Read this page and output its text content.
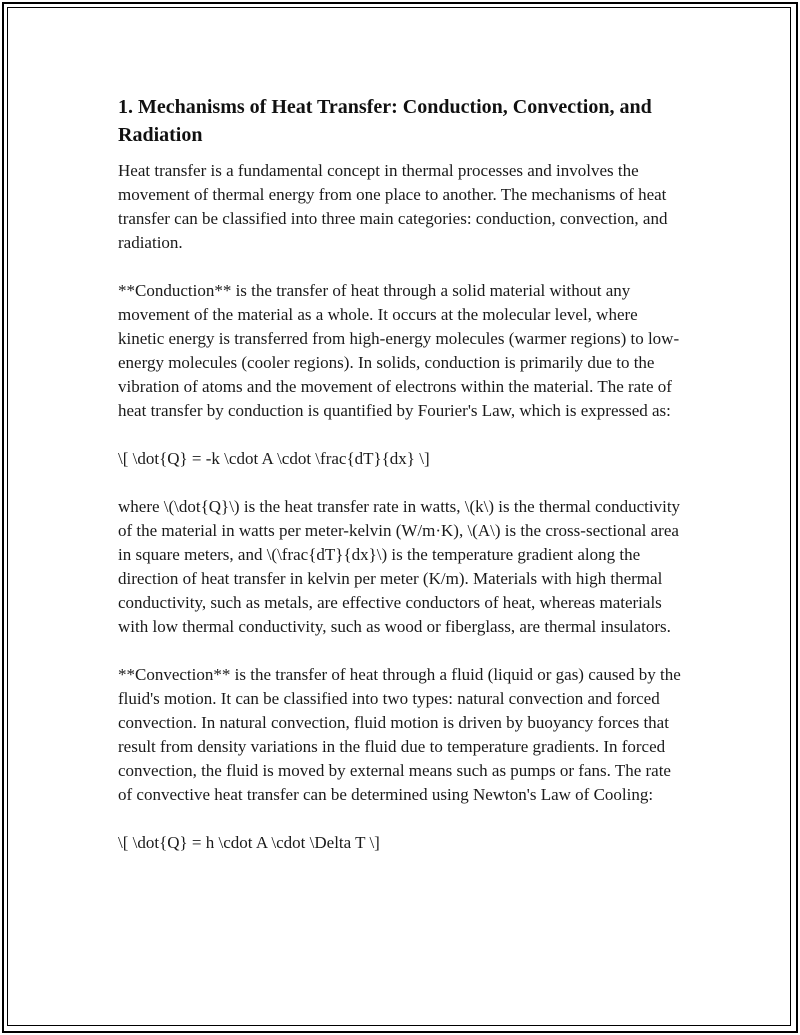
1. Mechanisms of Heat Transfer: Conduction, Convection, and Radiation

Heat transfer is a fundamental concept in thermal processes and involves the movement of thermal energy from one place to another. The mechanisms of heat transfer can be classified into three main categories: conduction, convection, and radiation.

**Conduction** is the transfer of heat through a solid material without any movement of the material as a whole. It occurs at the molecular level, where kinetic energy is transferred from high-energy molecules (warmer regions) to low-energy molecules (cooler regions). In solids, conduction is primarily due to the vibration of atoms and the movement of electrons within the material. The rate of heat transfer by conduction is quantified by Fourier's Law, which is expressed as:

\[ \dot{Q} = -k \cdot A \cdot \frac{dT}{dx} \]

where \(\dot{Q}\) is the heat transfer rate in watts, \(k\) is the thermal conductivity of the material in watts per meter-kelvin (W/m·K), \(A\) is the cross-sectional area in square meters, and \(\frac{dT}{dx}\) is the temperature gradient along the direction of heat transfer in kelvin per meter (K/m). Materials with high thermal conductivity, such as metals, are effective conductors of heat, whereas materials with low thermal conductivity, such as wood or fiberglass, are thermal insulators.

**Convection** is the transfer of heat through a fluid (liquid or gas) caused by the fluid's motion. It can be classified into two types: natural convection and forced convection. In natural convection, fluid motion is driven by buoyancy forces that result from density variations in the fluid due to temperature gradients. In forced convection, the fluid is moved by external means such as pumps or fans. The rate of convective heat transfer can be determined using Newton's Law of Cooling:

\[ \dot{Q} = h \cdot A \cdot \Delta T \]
